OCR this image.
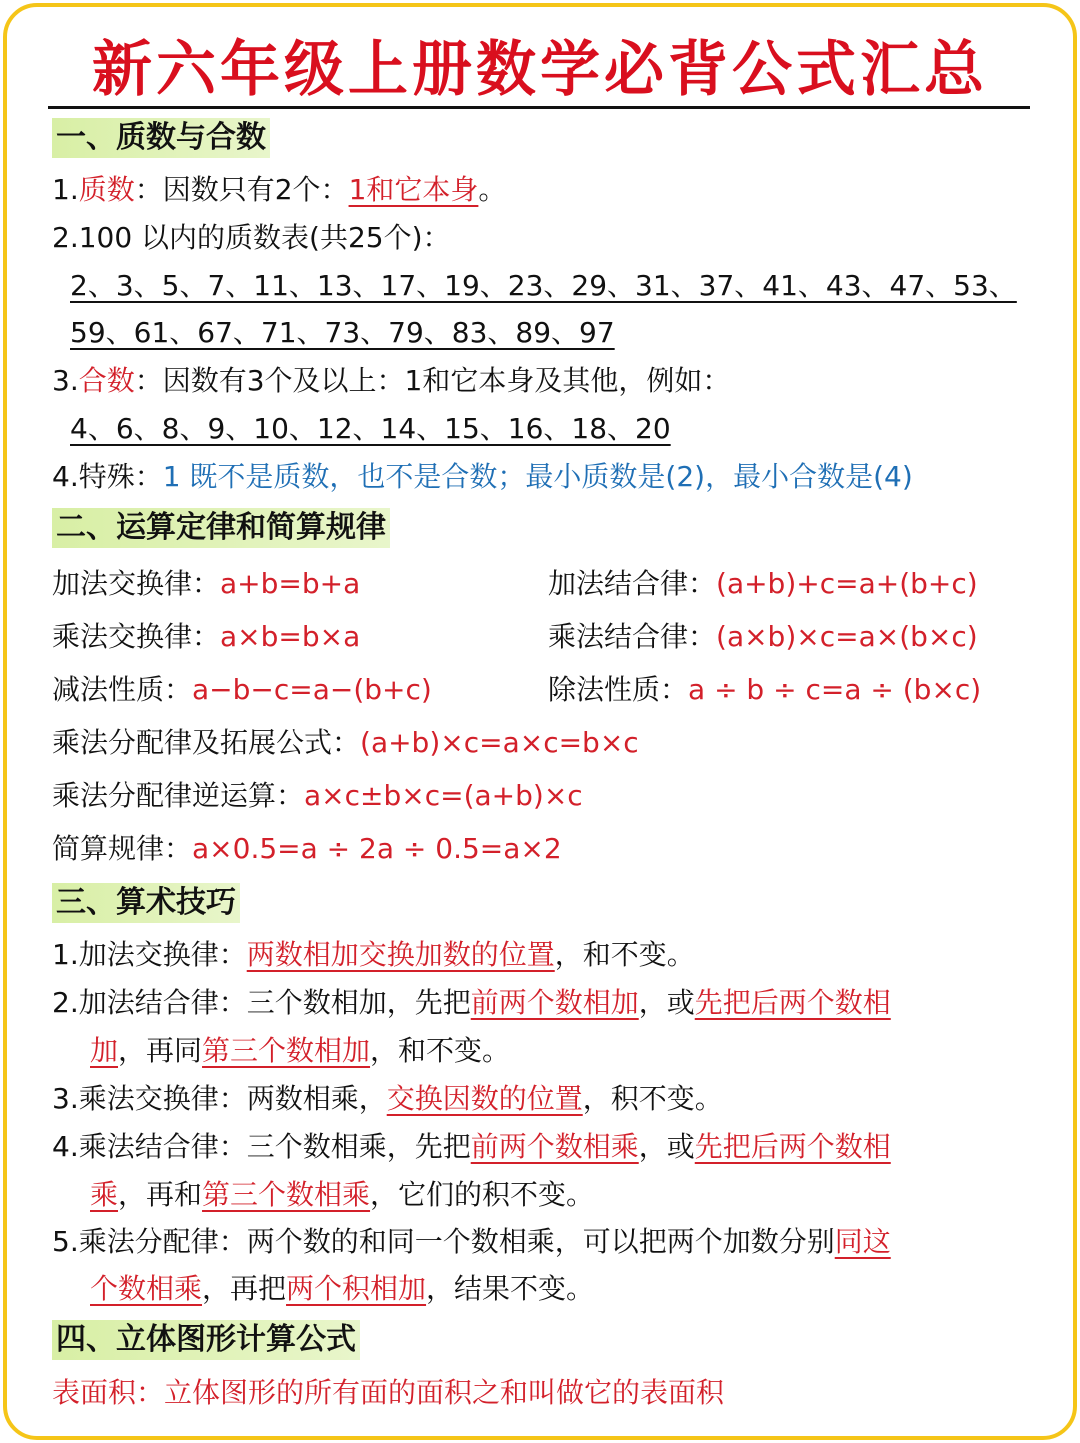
新六年级上册数学必背公式汇总
一、质数与合数
1.质数：因数只有2个：1和它本身。
2.100 以内的质数表(共25个)：
2、3、5、7、11、13、17、19、23、29、31、37、41、43、47、53、
59、61、67、71、73、79、83、89、97
3.合数：因数有3个及以上：1和它本身及其他，例如：
4、6、8、9、10、12、14、15、16、18、20
4.特殊：1 既不是质数，也不是合数；最小质数是(2)，最小合数是(4)
二、运算定律和简算规律
加法交换律：a+b=b+a	加法结合律：(a+b)+c=a+(b+c)
乘法交换律：a×b=b×a	乘法结合律：(a×b)×c=a×(b×c)
减法性质：a−b−c=a−(b+c)	除法性质：a ÷ b ÷ c=a ÷ (b×c)
乘法分配律及拓展公式：(a+b)×c=a×c=b×c
乘法分配律逆运算：a×c±b×c=(a+b)×c
简算规律：a×0.5=a ÷ 2a ÷ 0.5=a×2
三、算术技巧
1.加法交换律：两数相加交换加数的位置，和不变。
2.加法结合律：三个数相加，先把前两个数相加，或先把后两个数相
加，再同第三个数相加，和不变。
3.乘法交换律：两数相乘，交换因数的位置，积不变。
4.乘法结合律：三个数相乘，先把前两个数相乘，或先把后两个数相
乘，再和第三个数相乘，它们的积不变。
5.乘法分配律：两个数的和同一个数相乘，可以把两个加数分别同这
个数相乘，再把两个积相加，结果不变。
四、立体图形计算公式
表面积：立体图形的所有面的面积之和叫做它的表面积
